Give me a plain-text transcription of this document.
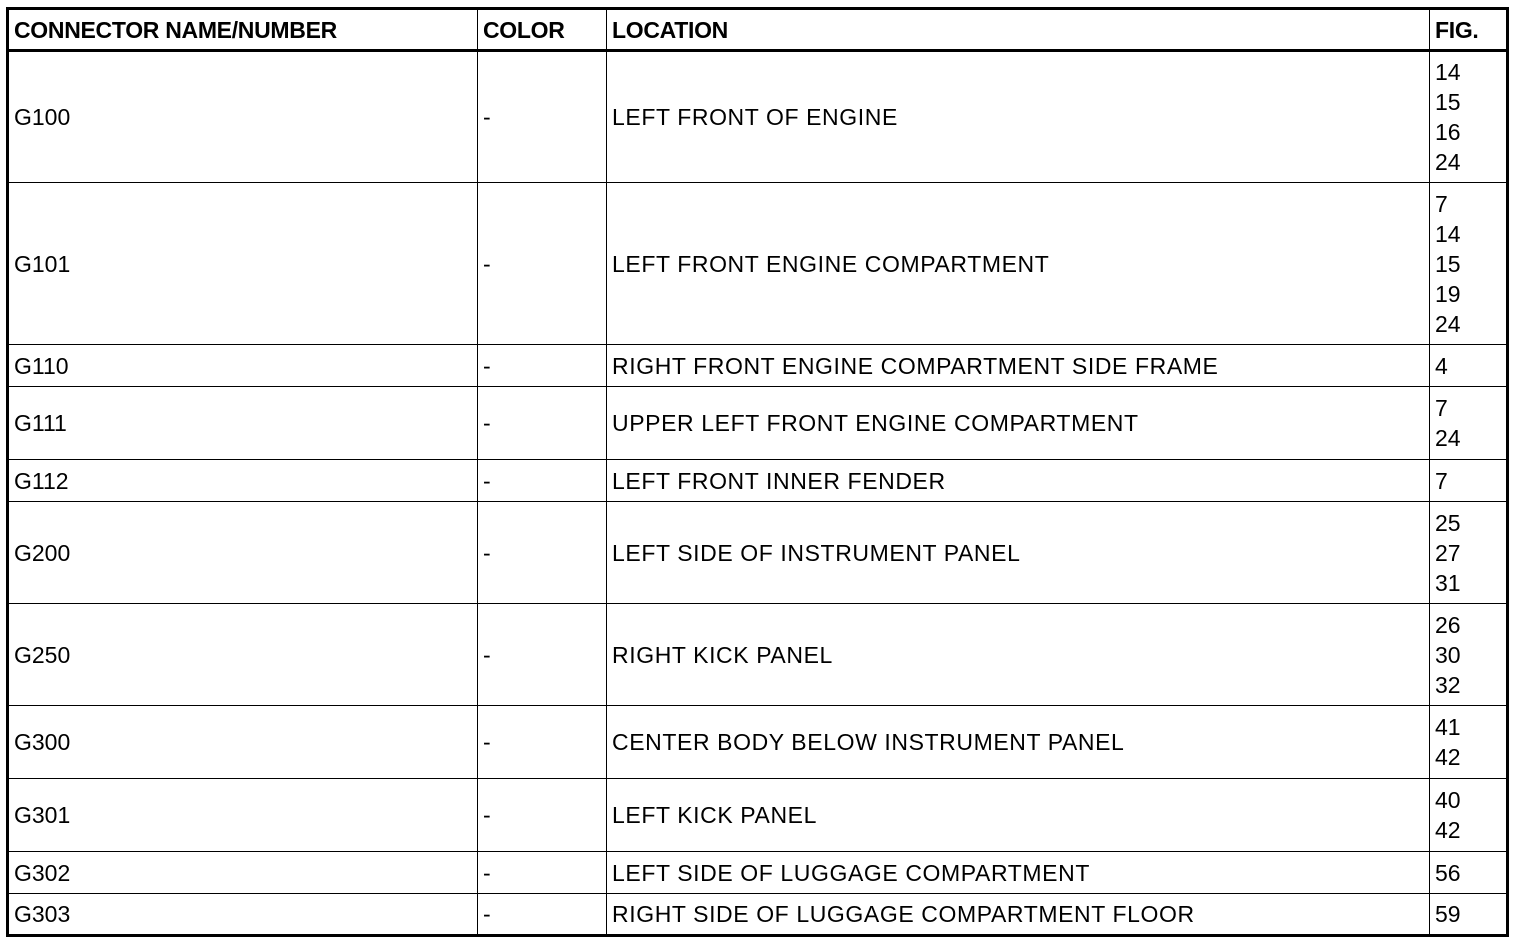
CONNECTOR NAME/NUMBER	COLOR	LOCATION	FIG.
G100	-	LEFT FRONT OF ENGINE	14
15
16
24

G101	-	LEFT FRONT ENGINE COMPARTMENT	7
14
15
19
24

G110	-	RIGHT FRONT ENGINE COMPARTMENT SIDE FRAME	4

G111	-	UPPER LEFT FRONT ENGINE COMPARTMENT	7
24

G112	-	LEFT FRONT INNER FENDER	7

G200	-	LEFT SIDE OF INSTRUMENT PANEL	25
27
31

G250	-	RIGHT KICK PANEL	26
30
32

G300	-	CENTER BODY BELOW INSTRUMENT PANEL	41
42

G301	-	LEFT KICK PANEL	40
42

G302	-	LEFT SIDE OF LUGGAGE COMPARTMENT	56

G303	-	RIGHT SIDE OF LUGGAGE COMPARTMENT FLOOR	59
